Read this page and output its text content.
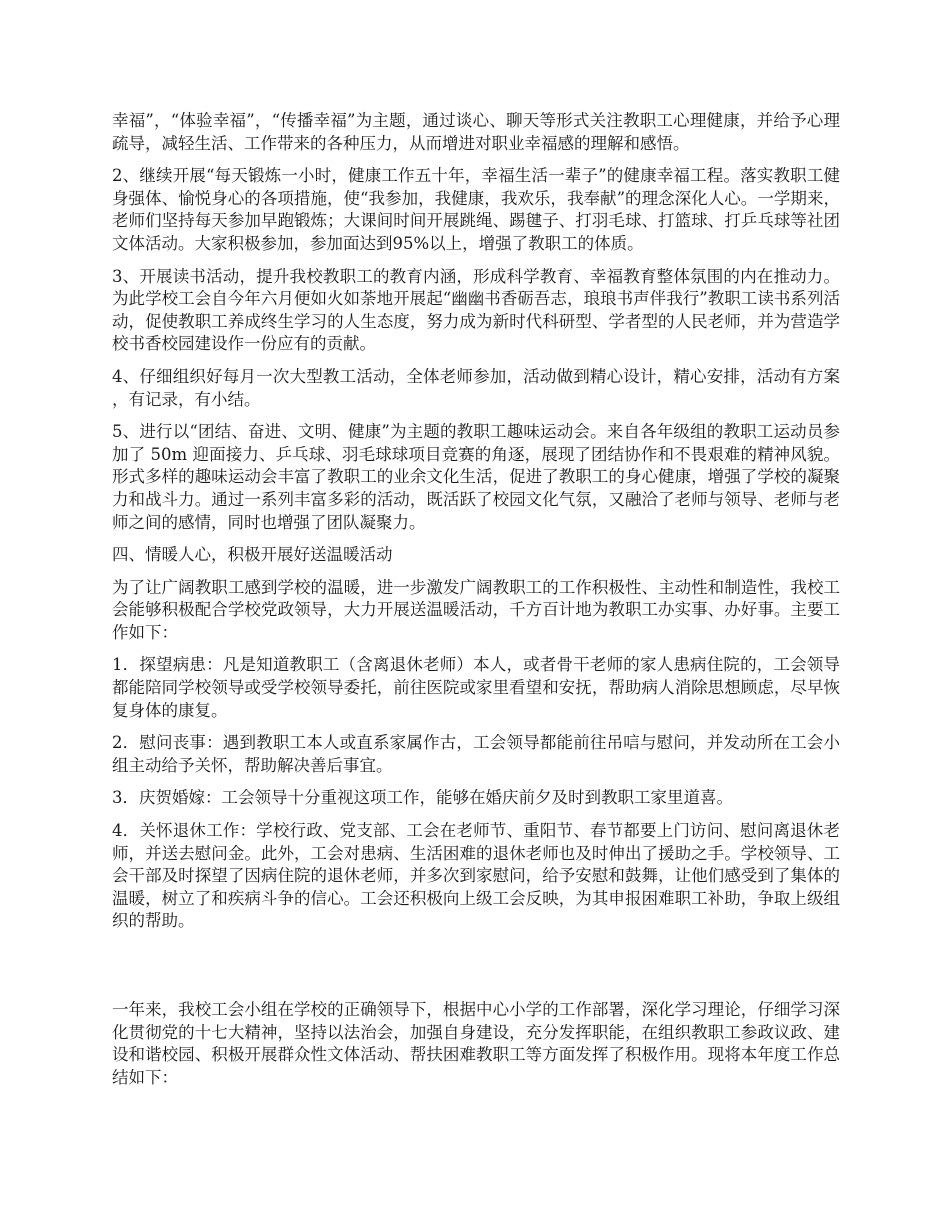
幸福”，“体验幸福”，“传播幸福”为主题，通过谈心、聊天等形式关注教职工心理健康，并给予心理疏导，减轻生活、工作带来的各种压力，从而增进对职业幸福感的理解和感悟。

2、继续开展“每天锻炼一小时，健康工作五十年，幸福生活一辈子”的健康幸福工程。落实教职工健身强体、愉悦身心的各项措施，使“我参加，我健康，我欢乐，我奉献”的理念深化人心。一学期来，老师们坚持每天参加早跑锻炼；大课间时间开展跳绳、踢毽子、打羽毛球、打篮球、打乒乓球等社团文体活动。大家积极参加，参加面达到95%以上，增强了教职工的体质。

3、开展读书活动，提升我校教职工的教育内涵，形成科学教育、幸福教育整体氛围的内在推动力。为此学校工会自今年六月便如火如荼地开展起“幽幽书香砺吾志，琅琅书声伴我行”教职工读书系列活动，促使教职工养成终生学习的人生态度，努力成为新时代科研型、学者型的人民老师，并为营造学校书香校园建设作一份应有的贡献。

4、仔细组织好每月一次大型教工活动，全体老师参加，活动做到精心设计，精心安排，活动有方案，有记录，有小结。

5、进行以“团结、奋进、文明、健康”为主题的教职工趣味运动会。来自各年级组的教职工运动员参加了 50m 迎面接力、乒乓球、羽毛球球项目竞赛的角逐，展现了团结协作和不畏艰难的精神风貌。形式多样的趣味运动会丰富了教职工的业余文化生活，促进了教职工的身心健康，增强了学校的凝聚力和战斗力。通过一系列丰富多彩的活动，既活跃了校园文化气氛，又融洽了老师与领导、老师与老师之间的感情，同时也增强了团队凝聚力。

四、情暖人心，积极开展好送温暖活动

为了让广阔教职工感到学校的温暖，进一步激发广阔教职工的工作积极性、主动性和制造性，我校工会能够积极配合学校党政领导，大力开展送温暖活动，千方百计地为教职工办实事、办好事。主要工作如下：

1．探望病患：凡是知道教职工（含离退休老师）本人，或者骨干老师的家人患病住院的，工会领导都能陪同学校领导或受学校领导委托，前往医院或家里看望和安抚，帮助病人消除思想顾虑，尽早恢复身体的康复。

2．慰问丧事：遇到教职工本人或直系家属作古，工会领导都能前往吊唁与慰问，并发动所在工会小组主动给予关怀，帮助解决善后事宜。

3．庆贺婚嫁：工会领导十分重视这项工作，能够在婚庆前夕及时到教职工家里道喜。

4．关怀退休工作：学校行政、党支部、工会在老师节、重阳节、春节都要上门访问、慰问离退休老师，并送去慰问金。此外，工会对患病、生活困难的退休老师也及时伸出了援助之手。学校领导、工会干部及时探望了因病住院的退休老师，并多次到家慰问，给予安慰和鼓舞，让他们感受到了集体的温暖，树立了和疾病斗争的信心。工会还积极向上级工会反映，为其申报困难职工补助，争取上级组织的帮助。

一年来，我校工会小组在学校的正确领导下，根据中心小学的工作部署，深化学习理论，仔细学习深化贯彻党的十七大精神，坚持以法治会，加强自身建设，充分发挥职能，在组织教职工参政议政、建设和谐校园、积极开展群众性文体活动、帮扶困难教职工等方面发挥了积极作用。现将本年度工作总结如下：
